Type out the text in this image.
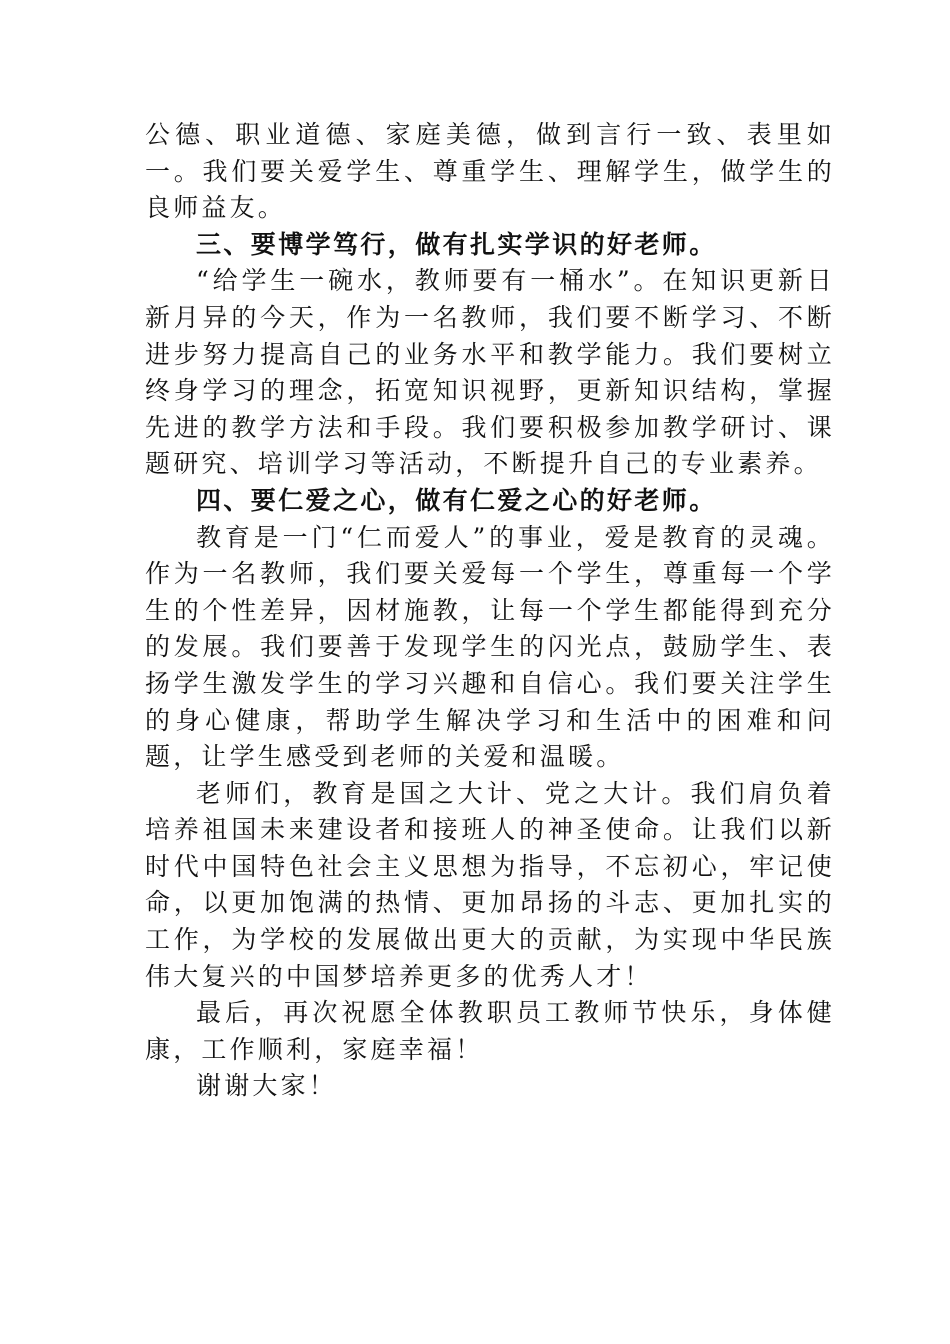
公德、职业道德、家庭美德，做到言行一致、表里如一。我们要关爱学生、尊重学生、理解学生，做学生的良师益友。

三、要博学笃行，做有扎实学识的好老师。

“给学生一碗水，教师要有一桶水”。在知识更新日新月异的今天，作为一名教师，我们要不断学习、不断进步努力提高自己的业务水平和教学能力。我们要树立终身学习的理念，拓宽知识视野，更新知识结构，掌握先进的教学方法和手段。我们要积极参加教学研讨、课题研究、培训学习等活动，不断提升自己的专业素养。

四、要仁爱之心，做有仁爱之心的好老师。

教育是一门“仁而爱人”的事业，爱是教育的灵魂。作为一名教师，我们要关爱每一个学生，尊重每一个学生的个性差异，因材施教，让每一个学生都能得到充分的发展。我们要善于发现学生的闪光点，鼓励学生、表扬学生激发学生的学习兴趣和自信心。我们要关注学生的身心健康，帮助学生解决学习和生活中的困难和问题，让学生感受到老师的关爱和温暖。

老师们，教育是国之大计、党之大计。我们肩负着培养祖国未来建设者和接班人的神圣使命。让我们以新时代中国特色社会主义思想为指导，不忘初心，牢记使命，以更加饱满的热情、更加昂扬的斗志、更加扎实的工作，为学校的发展做出更大的贡献，为实现中华民族伟大复兴的中国梦培养更多的优秀人才！

最后，再次祝愿全体教职员工教师节快乐，身体健康，工作顺利，家庭幸福！

谢谢大家！
